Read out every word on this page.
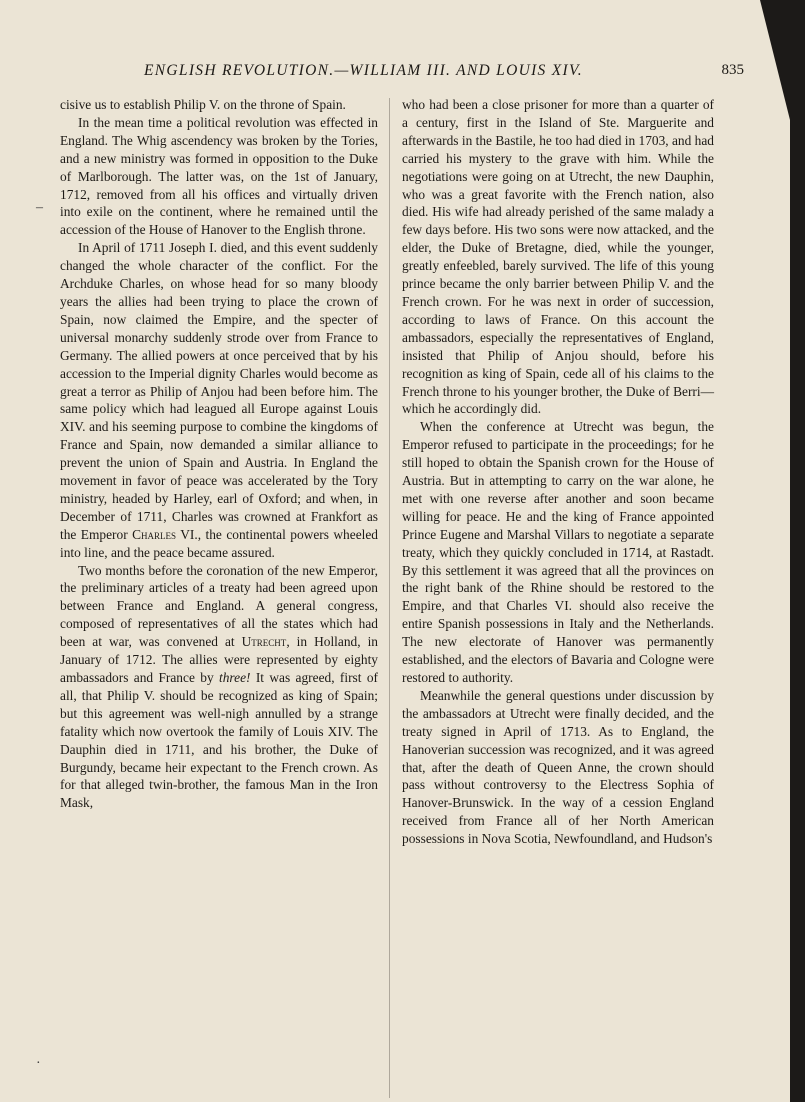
ENGLISH REVOLUTION.—WILLIAM III. AND LOUIS XIV.	835
–
·

cisive us to establish Philip V. on the throne of Spain.

In the mean time a political revolution was effected in England. The Whig ascendency was broken by the Tories, and a new ministry was formed in opposition to the Duke of Marlborough. The latter was, on the 1st of January, 1712, removed from all his offices and virtually driven into exile on the continent, where he remained until the accession of the House of Hanover to the English throne.

In April of 1711 Joseph I. died, and this event suddenly changed the whole character of the conflict. For the Archduke Charles, on whose head for so many bloody years the allies had been trying to place the crown of Spain, now claimed the Empire, and the specter of universal monarchy suddenly strode over from France to Germany. The allied powers at once perceived that by his accession to the Imperial dignity Charles would become as great a terror as Philip of Anjou had been before him. The same policy which had leagued all Europe against Louis XIV. and his seeming purpose to combine the kingdoms of France and Spain, now demanded a similar alliance to prevent the union of Spain and Austria. In England the movement in favor of peace was accelerated by the Tory ministry, headed by Harley, earl of Oxford; and when, in December of 1711, Charles was crowned at Frankfort as the Emperor Charles VI., the continental powers wheeled into line, and the peace became assured.

Two months before the coronation of the new Emperor, the preliminary articles of a treaty had been agreed upon between France and England. A general congress, composed of representatives of all the states which had been at war, was convened at Utrecht, in Holland, in January of 1712. The allies were represented by eighty ambassadors and France by three! It was agreed, first of all, that Philip V. should be recognized as king of Spain; but this agreement was well-nigh annulled by a strange fatality which now overtook the family of Louis XIV. The Dauphin died in 1711, and his brother, the Duke of Burgundy, became heir expectant to the French crown. As for that alleged twin-brother, the famous Man in the Iron Mask,

who had been a close prisoner for more than a quarter of a century, first in the Island of Ste. Marguerite and afterwards in the Bastile, he too had died in 1703, and had carried his mystery to the grave with him. While the negotiations were going on at Utrecht, the new Dauphin, who was a great favorite with the French nation, also died. His wife had already perished of the same malady a few days before. His two sons were now attacked, and the elder, the Duke of Bretagne, died, while the younger, greatly enfeebled, barely survived. The life of this young prince became the only barrier between Philip V. and the French crown. For he was next in order of succession, according to laws of France. On this account the ambassadors, especially the representatives of England, insisted that Philip of Anjou should, before his recognition as king of Spain, cede all of his claims to the French throne to his younger brother, the Duke of Berri—which he accordingly did.

When the conference at Utrecht was begun, the Emperor refused to participate in the proceedings; for he still hoped to obtain the Spanish crown for the House of Austria. But in attempting to carry on the war alone, he met with one reverse after another and soon became willing for peace. He and the king of France appointed Prince Eugene and Marshal Villars to negotiate a separate treaty, which they quickly concluded in 1714, at Rastadt. By this settlement it was agreed that all the provinces on the right bank of the Rhine should be restored to the Empire, and that Charles VI. should also receive the entire Spanish possessions in Italy and the Netherlands. The new electorate of Hanover was permanently established, and the electors of Bavaria and Cologne were restored to authority.

Meanwhile the general questions under discussion by the ambassadors at Utrecht were finally decided, and the treaty signed in April of 1713. As to England, the Hanoverian succession was recognized, and it was agreed that, after the death of Queen Anne, the crown should pass without controversy to the Electress Sophia of Hanover-Brunswick. In the way of a cession England received from France all of her North American possessions in Nova Scotia, Newfoundland, and Hudson's
